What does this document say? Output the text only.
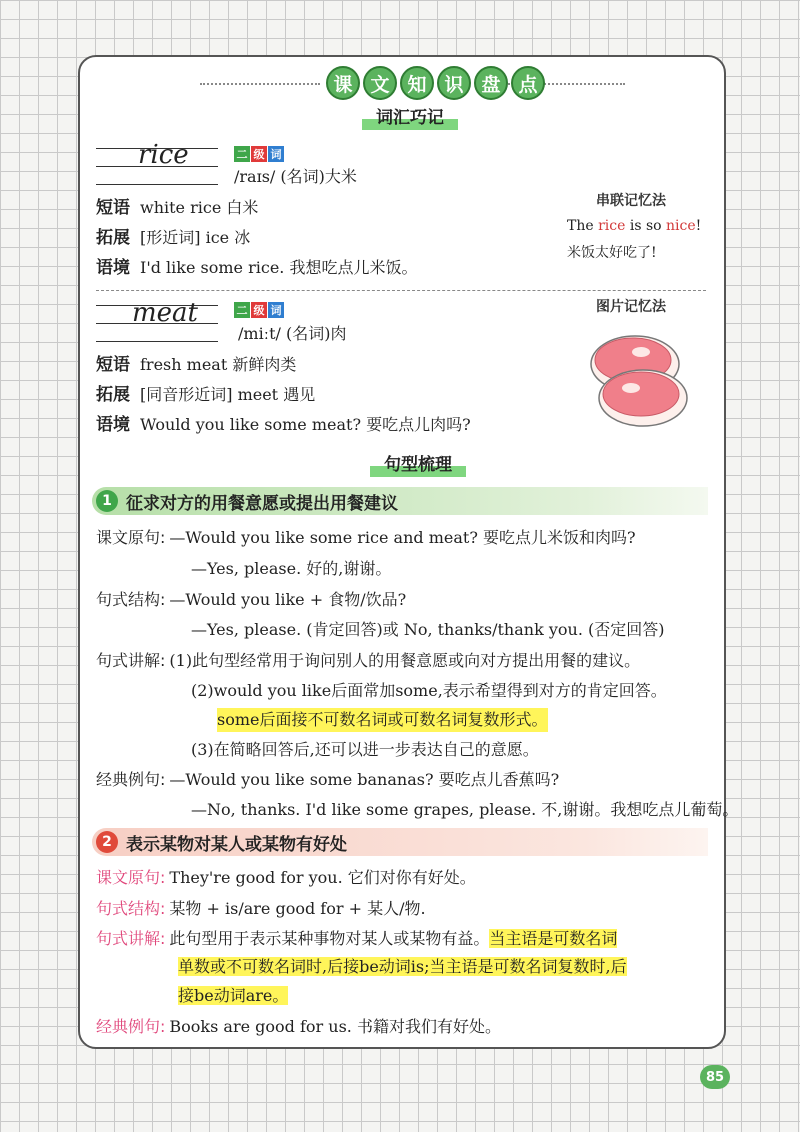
课 文 知 识 盘 点
词汇巧记
rice	二 级 词
/raɪs/ (名词)大米
短语 white rice 白米
拓展 [形近词] ice 冰
语境 I'd like some rice. 我想吃点儿米饭。
串联记忆法
The rice is so nice!
米饭太好吃了!
meat	二 级 词
/miːt/ (名词)肉
短语 fresh meat 新鲜肉类
拓展 [同音形近词] meet 遇见
语境 Would you like some meat? 要吃点儿肉吗?
图片记忆法
句型梳理
1 征求对方的用餐意愿或提出用餐建议
课文原句: —Would you like some rice and meat? 要吃点儿米饭和肉吗?
—Yes, please. 好的,谢谢。
句式结构: —Would you like + 食物/饮品?
—Yes, please. (肯定回答)或 No, thanks/thank you. (否定回答)
句式讲解: (1)此句型经常用于询问别人的用餐意愿或向对方提出用餐的建议。
(2)would you like后面常加some,表示希望得到对方的肯定回答。
some后面接不可数名词或可数名词复数形式。
(3)在简略回答后,还可以进一步表达自己的意愿。
经典例句: —Would you like some bananas? 要吃点儿香蕉吗?
—No, thanks. I'd like some grapes, please. 不,谢谢。我想吃点儿葡萄。
2 表示某物对某人或某物有好处
课文原句: They're good for you. 它们对你有好处。
句式结构: 某物 + is/are good for + 某人/物.
句式讲解: 此句型用于表示某种事物对某人或某物有益。当主语是可数名词
单数或不可数名词时,后接be动词is;当主语是可数名词复数时,后
接be动词are。
经典例句: Books are good for us. 书籍对我们有好处。
85
